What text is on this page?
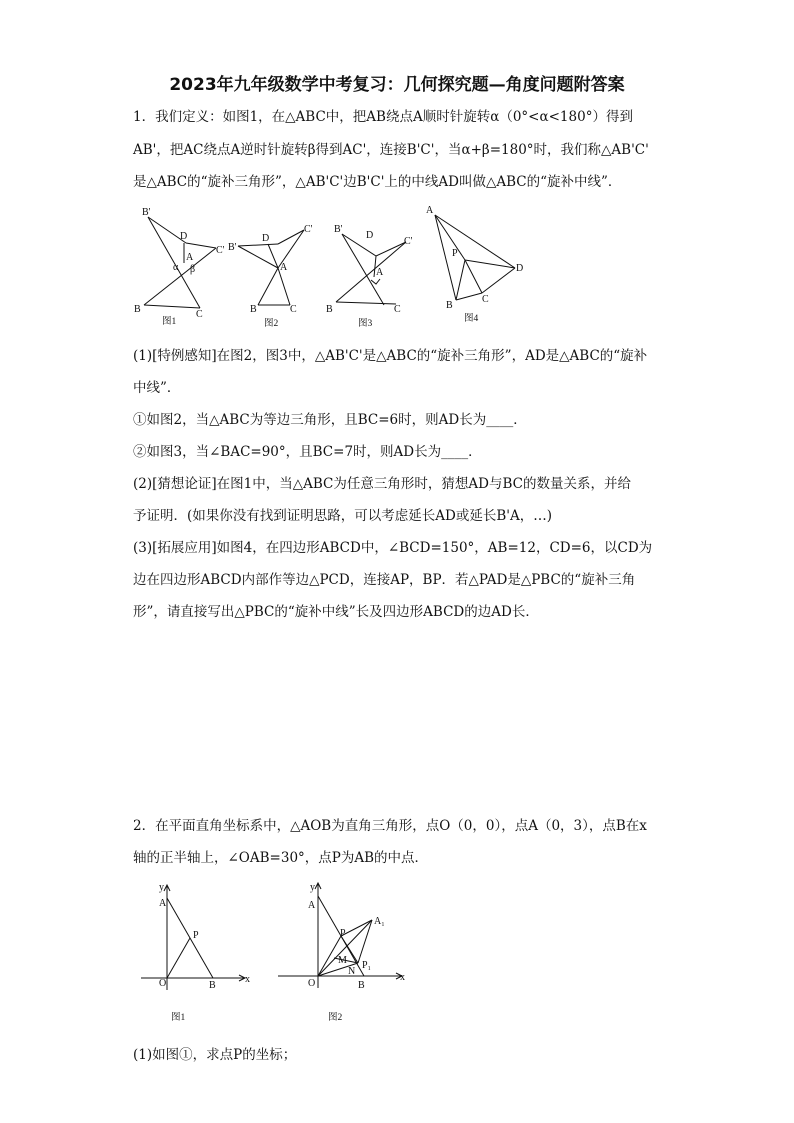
2023年九年级数学中考复习：几何探究题—角度问题附答案
1．我们定义：如图1，在△ABC中，把AB绕点A顺时针旋转α（0°<α<180°）得到
AB'，把AC绕点A逆时针旋转β得到AC'，连接B'C'，当α+β=180°时，我们称△AB'C'
是△ABC的“旋补三角形”，△AB'C'边B'C'上的中线AD叫做△ABC的“旋补中线”．
B'
D
C'
A
α β
B	C
图1
B'
D
C'
A
B	C
图2
B'
D
C'
A
B	C
图3
A
P
D
B
C
图4
(1)[特例感知]在图2，图3中，△AB'C'是△ABC的“旋补三角形”，AD是△ABC的“旋补
中线”．
①如图2，当△ABC为等边三角形，且BC=6时，则AD长为____．
②如图3，当∠BAC=90°，且BC=7时，则AD长为____．
(2)[猜想论证]在图1中，当△ABC为任意三角形时，猜想AD与BC的数量关系，并给
予证明．(如果你没有找到证明思路，可以考虑延长AD或延长B'A，…)
(3)[拓展应用]如图4，在四边形ABCD中，∠BCD=150°，AB=12，CD=6，以CD为
边在四边形ABCD内部作等边△PCD，连接AP，BP．若△PAD是△PBC的“旋补三角
形”，请直接写出△PBC的“旋补中线”长及四边形ABCD的边AD长．
2．在平面直角坐标系中，△AOB为直角三角形，点O（0，0），点A（0，3），点B在x
轴的正半轴上，∠OAB=30°，点P为AB的中点．
y
A
P
O	B
x
图1
y
A
A₁
P
M P₁
N
O	B
x
图2
(1)如图①，求点P的坐标；
